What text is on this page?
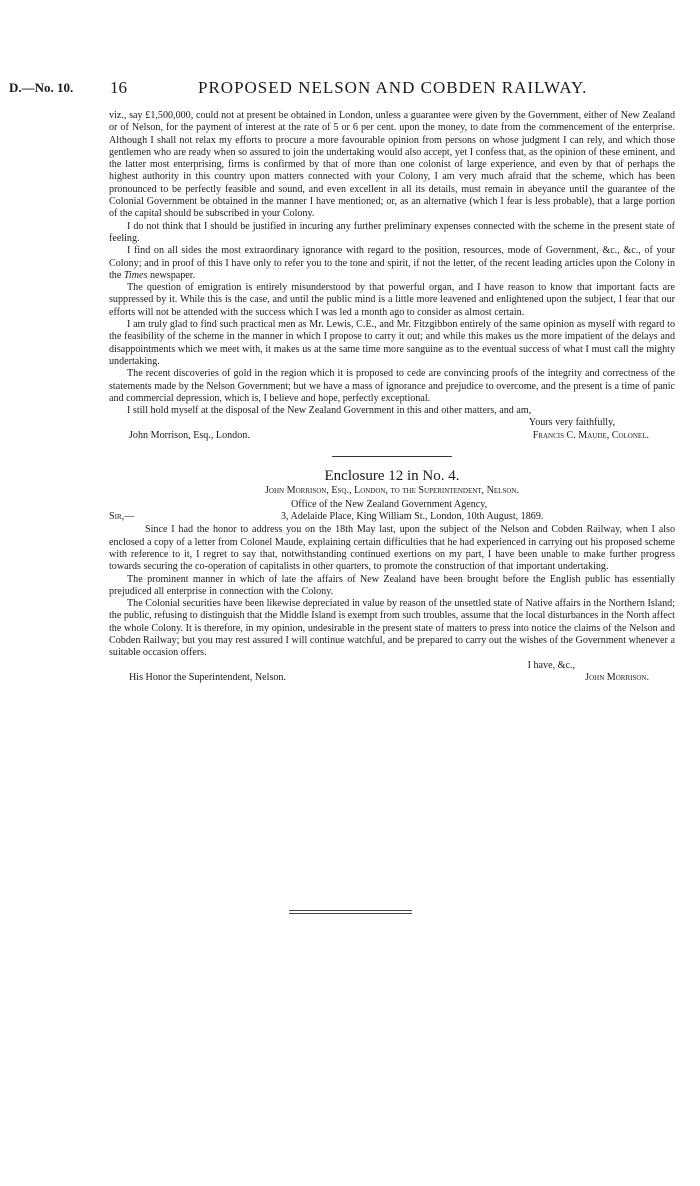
D.—No. 10. 16	PROPOSED NELSON AND COBDEN RAILWAY.

viz., say £1,500,000, could not at present be obtained in London, unless a guarantee were given by the Government, either of New Zealand or of Nelson, for the payment of interest at the rate of 5 or 6 per cent. upon the money, to date from the commencement of the enterprise. Although I shall not relax my efforts to procure a more favourable opinion from persons on whose judgment I can rely, and which those gentlemen who are ready when so assured to join the undertaking would also accept, yet I confess that, as the opinion of these eminent, and the latter most enterprising, firms is confirmed by that of more than one colonist of large experience, and even by that of perhaps the highest authority in this country upon matters connected with your Colony, I am very much afraid that the scheme, which has been pronounced to be perfectly feasible and sound, and even excellent in all its details, must remain in abeyance until the guarantee of the Colonial Government be obtained in the manner I have mentioned; or, as an alternative (which I fear is less probable), that a large portion of the capital should be subscribed in your Colony.

I do not think that I should be justified in incuring any further preliminary expenses connected with the scheme in the present state of feeling.

I find on all sides the most extraordinary ignorance with regard to the position, resources, mode of Government, &c., &c., of your Colony; and in proof of this I have only to refer you to the tone and spirit, if not the letter, of the recent leading articles upon the Colony in the Times newspaper.

The question of emigration is entirely misunderstood by that powerful organ, and I have reason to know that important facts are suppressed by it. While this is the case, and until the public mind is a little more leavened and enlightened upon the subject, I fear that our efforts will not be attended with the success which I was led a month ago to consider as almost certain.

I am truly glad to find such practical men as Mr. Lewis, C.E., and Mr. Fitzgibbon entirely of the same opinion as myself with regard to the feasibility of the scheme in the manner in which I propose to carry it out; and while this makes us the more impatient of the delays and disappointments which we meet with, it makes us at the same time more sanguine as to the eventual success of what I must call the mighty undertaking.

The recent discoveries of gold in the region which it is proposed to cede are convincing proofs of the integrity and correctness of the statements made by the Nelson Government; but we have a mass of ignorance and prejudice to overcome, and the present is a time of panic and commercial depression, which is, I believe and hope, perfectly exceptional.

I still hold myself at the disposal of the New Zealand Government in this and other matters, and am,

Yours very faithfully,

John Morrison, Esq., London.	Francis C. Maude, Colonel.

Enclosure 12 in No. 4.

John Morrison, Esq., London, to the Superintendent, Nelson.

Office of the New Zealand Government Agency,

Sir,—	3, Adelaide Place, King William St., London, 10th August, 1869.

Since I had the honor to address you on the 18th May last, upon the subject of the Nelson and Cobden Railway, when I also enclosed a copy of a letter from Colonel Maude, explaining certain difficulties that he had experienced in carrying out his proposed scheme with reference to it, I regret to say that, notwithstanding continued exertions on my part, I have been unable to make further progress towards securing the co-operation of capitalists in other quarters, to promote the construction of that important undertaking.

The prominent manner in which of late the affairs of New Zealand have been brought before the English public has essentially prejudiced all enterprise in connection with the Colony.

The Colonial securities have been likewise depreciated in value by reason of the unsettled state of Native affairs in the Northern Island; the public, refusing to distinguish that the Middle Island is exempt from such troubles, assume that the local disturbances in the North affect the whole Colony. It is therefore, in my opinion, undesirable in the present state of matters to press into notice the claims of the Nelson and Cobden Railway; but you may rest assured I will continue watchful, and be prepared to carry out the wishes of the Government whenever a suitable occasion offers.

I have, &c.,

His Honor the Superintendent, Nelson.	John Morrison.
